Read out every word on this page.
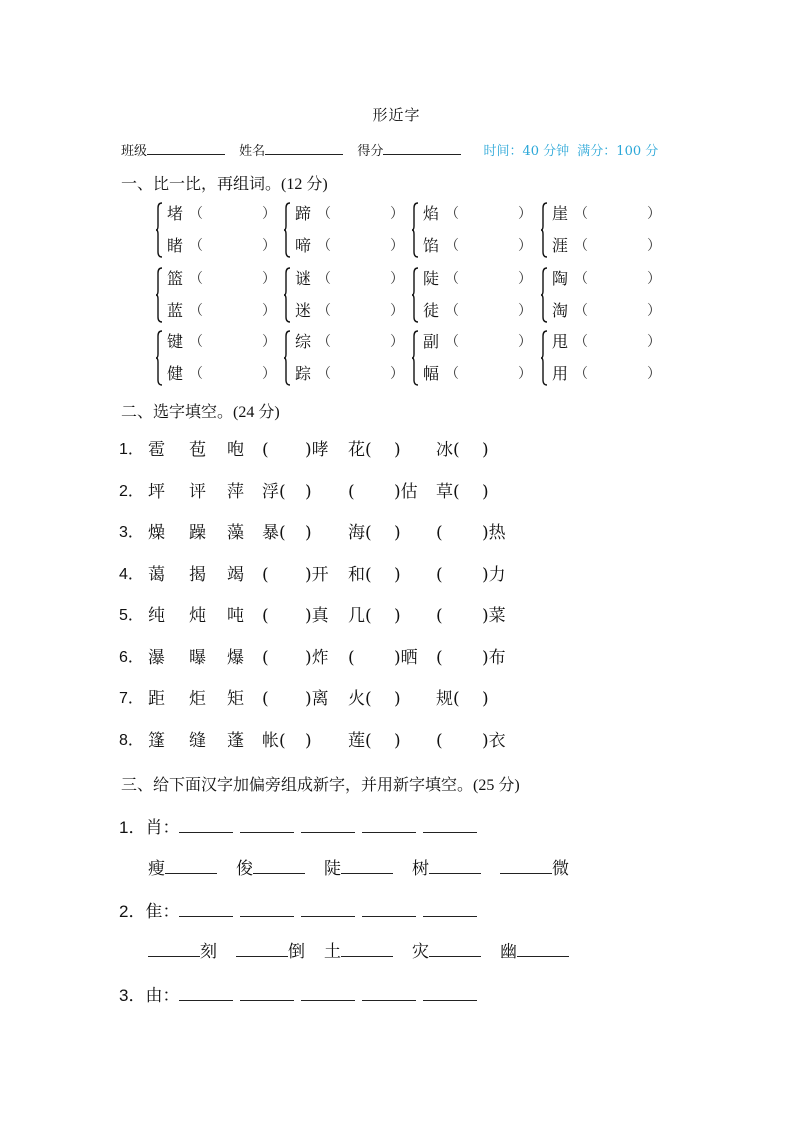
形近字
班级	姓名	得分	时间：40 分钟 满分：100 分
一、比一比，再组词。(12 分)
堵 （	）
睹 （	）
蹄 （	）
啼 （	）
焰 （	）
馅 （	）
崖 （	）
涯 （	）
篮 （	）
蓝 （	）
谜 （	）
迷 （	）
陡 （	）
徒 （	）
陶 （	）
淘 （	）
键 （	）
健 （	）
综 （	）
踪 （	）
副 （	）
幅 （	）
甩 （	）
用 （	）
二、选字填空。(24 分)
1． 雹 苞 咆 ( )哮 花( ) 冰( )
2． 坪 评 萍 浮( ) ( )估 草( )
3． 燥 躁 藻 暴( ) 海( ) ( )热
4． 蔼 揭 竭 ( )开 和( ) ( )力
5． 纯 炖 吨 ( )真 几( ) ( )菜
6． 瀑 曝 爆 ( )炸 ( )晒 ( )布
7． 距 炬 矩 ( )离 火( ) 规( )
8． 篷 缝 蓬 帐( ) 莲( ) ( )衣
三、给下面汉字加偏旁组成新字，并用新字填空。(25 分)
1．肖：
瘦	俊	陡	树	微
2．隹：
刻	倒 土	灾	幽
3．由：
